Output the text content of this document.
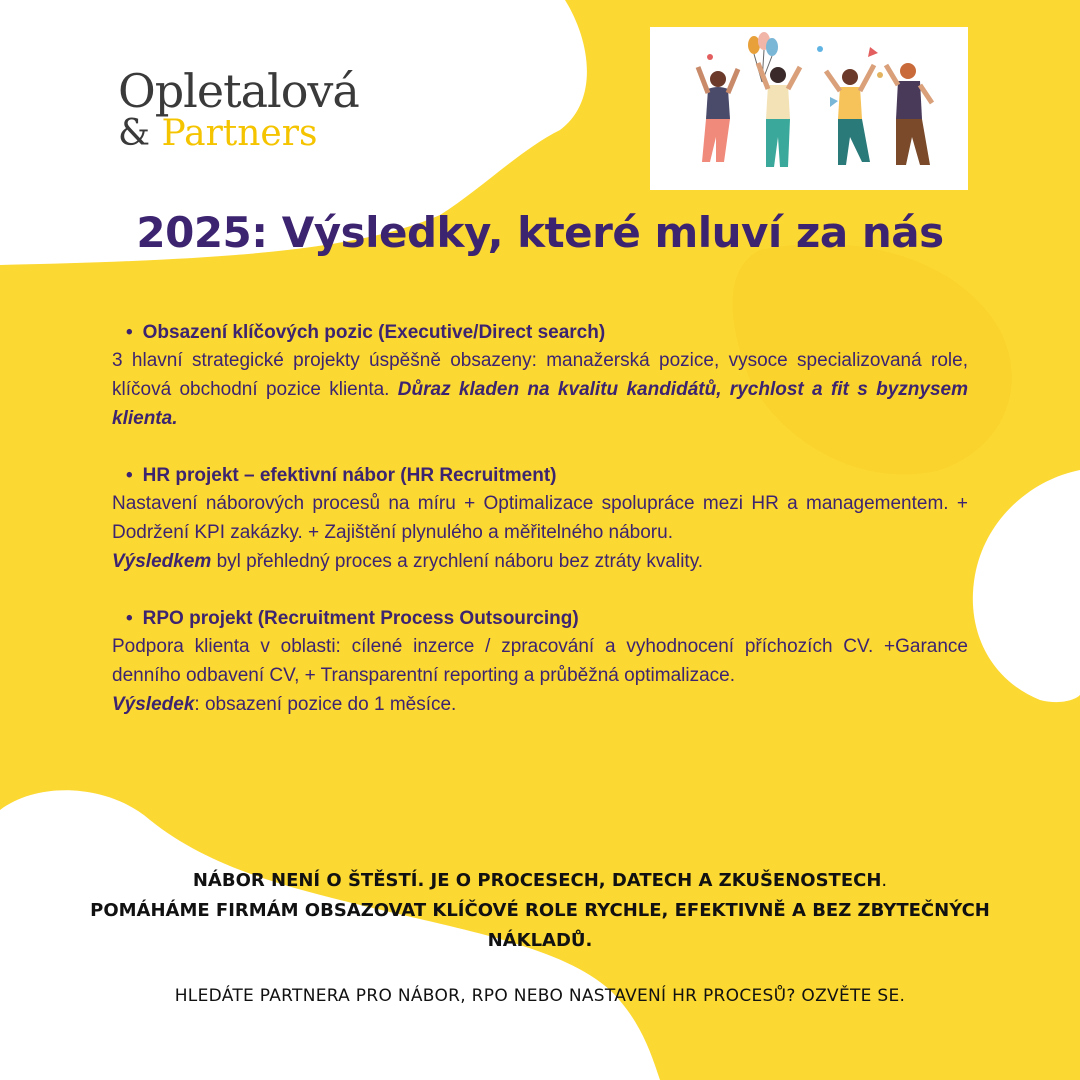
Opletalová
& Partners
2025: Výsledky, které mluví za nás
• Obsazení klíčových pozic (Executive/Direct search)

3 hlavní strategické projekty úspěšně obsazeny: manažerská pozice, vysoce specializovaná role, klíčová obchodní pozice klienta. Důraz kladen na kvalitu kandidátů, rychlost a fit s byznysem klienta.

• HR projekt – efektivní nábor (HR Recruitment)

Nastavení náborových procesů na míru + Optimalizace spolupráce mezi HR a managementem. + Dodržení KPI zakázky. + Zajištění plynulého a měřitelného náboru.

Výsledkem byl přehledný proces a zrychlení náboru bez ztráty kvality.

• RPO projekt (Recruitment Process Outsourcing)

Podpora klienta v oblasti: cílené inzerce / zpracování a vyhodnocení příchozích CV. +Garance denního odbavení CV, + Transparentní reporting a průběžná optimalizace.

Výsledek: obsazení pozice do 1 měsíce.

NÁBOR NENÍ O ŠTĚSTÍ. JE O PROCESECH, DATECH A ZKUŠENOSTECH.
POMÁHÁME FIRMÁM OBSAZOVAT KLÍČOVÉ ROLE RYCHLE, EFEKTIVNĚ A BEZ ZBYTEČNÝCH NÁKLADŮ.
HLEDÁTE PARTNERA PRO NÁBOR, RPO NEBO NASTAVENÍ HR PROCESŮ? OZVĚTE SE.
